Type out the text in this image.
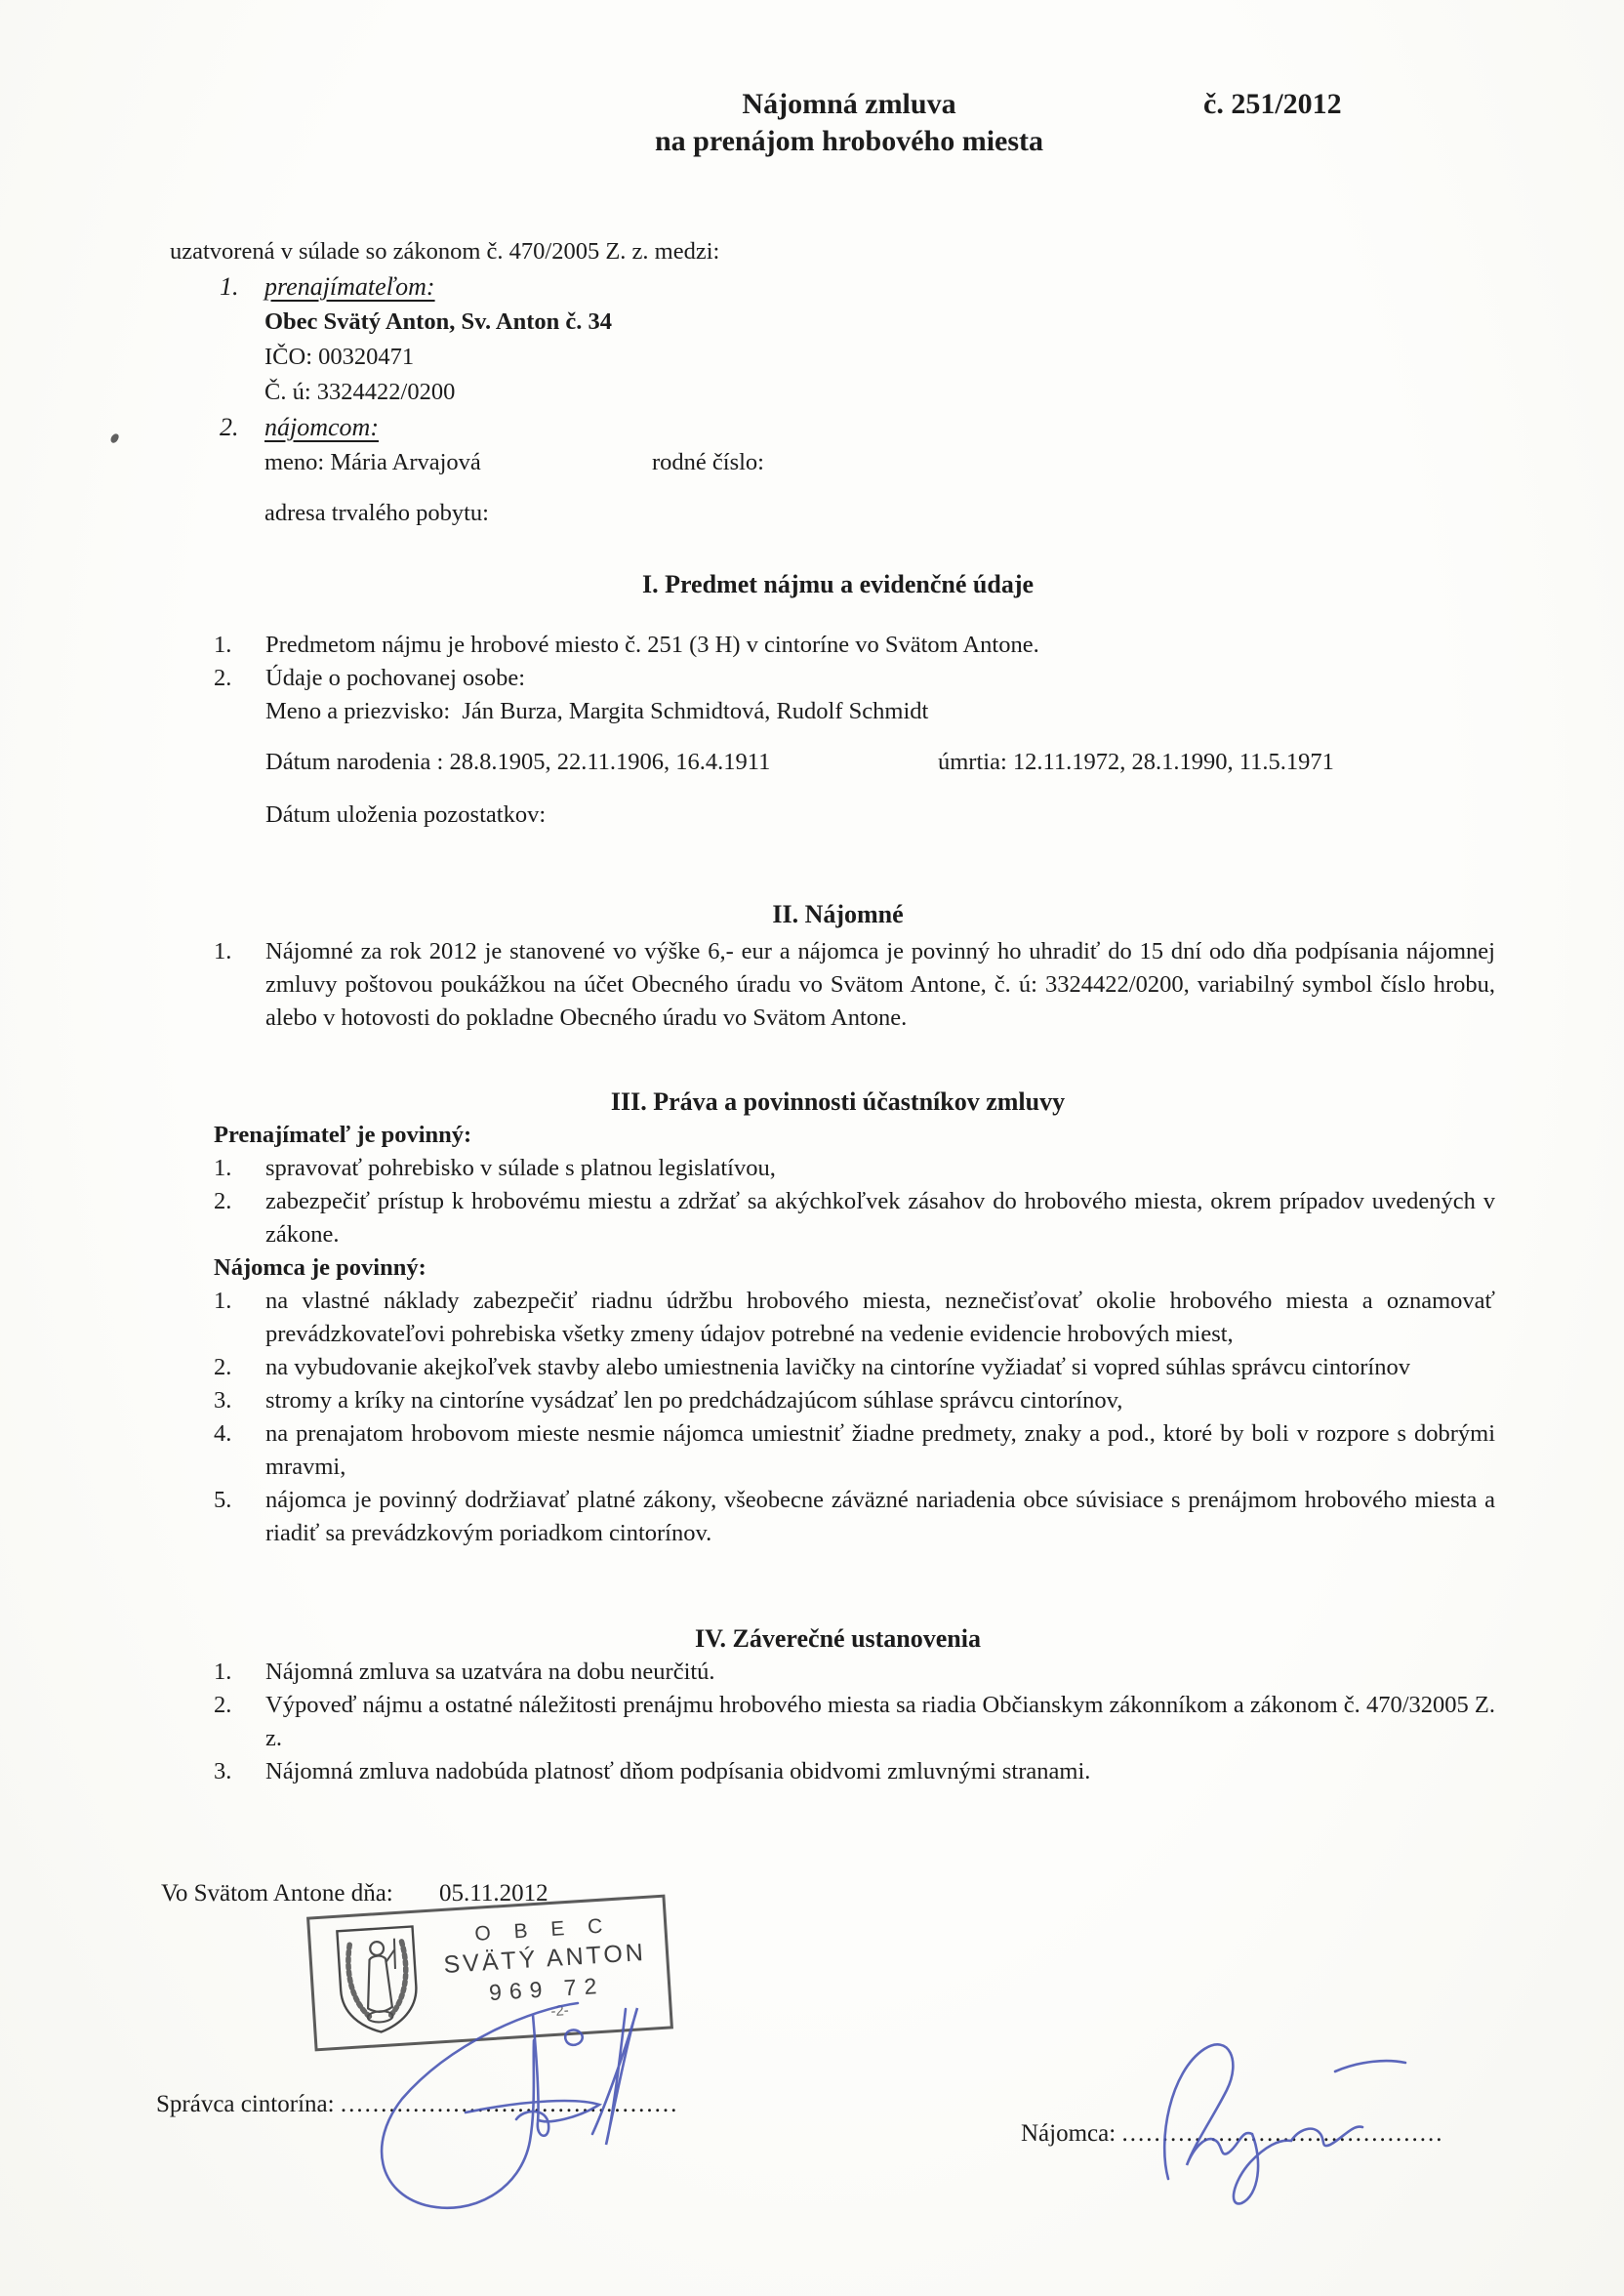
Nájomná zmluva
na prenájom hrobového miesta
č. 251/2012
uzatvorená v súlade so zákonom č. 470/2005 Z. z. medzi:
1.	prenajímateľom:
Obec Svätý Anton, Sv. Anton č. 34
IČO: 00320471
Č. ú: 3324422/0200
2.	nájomcom:
meno: Mária Arvajová	rodné číslo:
adresa trvalého pobytu:
I. Predmet nájmu a evidenčné údaje
1.	Predmetom nájmu je hrobové miesto č. 251 (3 H) v cintoríne vo Svätom Antone.
2.	Údaje o pochovanej osobe:
Meno a priezvisko:  Ján Burza, Margita Schmidtová, Rudolf Schmidt
Dátum narodenia : 28.8.1905, 22.11.1906, 16.4.1911	úmrtia: 12.11.1972, 28.1.1990, 11.5.1971
Dátum uloženia pozostatkov:
II. Nájomné
1.	Nájomné za rok 2012 je stanovené vo výške 6,- eur a nájomca je povinný ho uhradiť do 15 dní odo dňa podpísania nájomnej zmluvy poštovou poukážkou na účet Obecného úradu vo Svätom Antone, č. ú: 3324422/0200, variabilný symbol číslo hrobu, alebo v hotovosti do pokladne Obecného úradu vo Svätom Antone.
III. Práva a povinnosti účastníkov zmluvy
Prenajímateľ je povinný:
1.	spravovať pohrebisko v súlade s platnou legislatívou,
2.	zabezpečiť prístup k hrobovému miestu a zdržať sa akýchkoľvek zásahov do hrobového miesta, okrem prípadov uvedených v zákone.
Nájomca je povinný:
1.	na vlastné náklady zabezpečiť riadnu údržbu hrobového miesta, neznečisťovať okolie hrobového miesta a oznamovať prevádzkovateľovi pohrebiska všetky zmeny údajov potrebné na vedenie evidencie hrobových miest,
2.	na vybudovanie akejkoľvek stavby alebo umiestnenia lavičky na cintoríne vyžiadať si vopred súhlas správcu cintorínov
3.	stromy a kríky na cintoríne vysádzať len po predchádzajúcom súhlase správcu cintorínov,
4.	na prenajatom hrobovom mieste nesmie nájomca umiestniť žiadne predmety, znaky a pod., ktoré by boli v rozpore s dobrými mravmi,
5.	nájomca je povinný dodržiavať platné zákony, všeobecne záväzné nariadenia obce súvisiace s prenájmom hrobového miesta a riadiť sa prevádzkovým poriadkom cintorínov.
IV. Záverečné ustanovenia
1.	Nájomná zmluva sa uzatvára na dobu neurčitú.
2.	Výpoveď nájmu a ostatné náležitosti prenájmu hrobového miesta sa riadia Občianskym zákonníkom a zákonom č. 470/32005 Z. z.
3.	Nájomná zmluva nadobúda platnosť dňom podpísania obidvomi zmluvnými stranami.
Vo Svätom Antone dňa: 05.11.2012
O B E C
SVÄTÝ ANTON
969 72
-2-
Správca cintorína: ..........................................
Nájomca: ........................................
